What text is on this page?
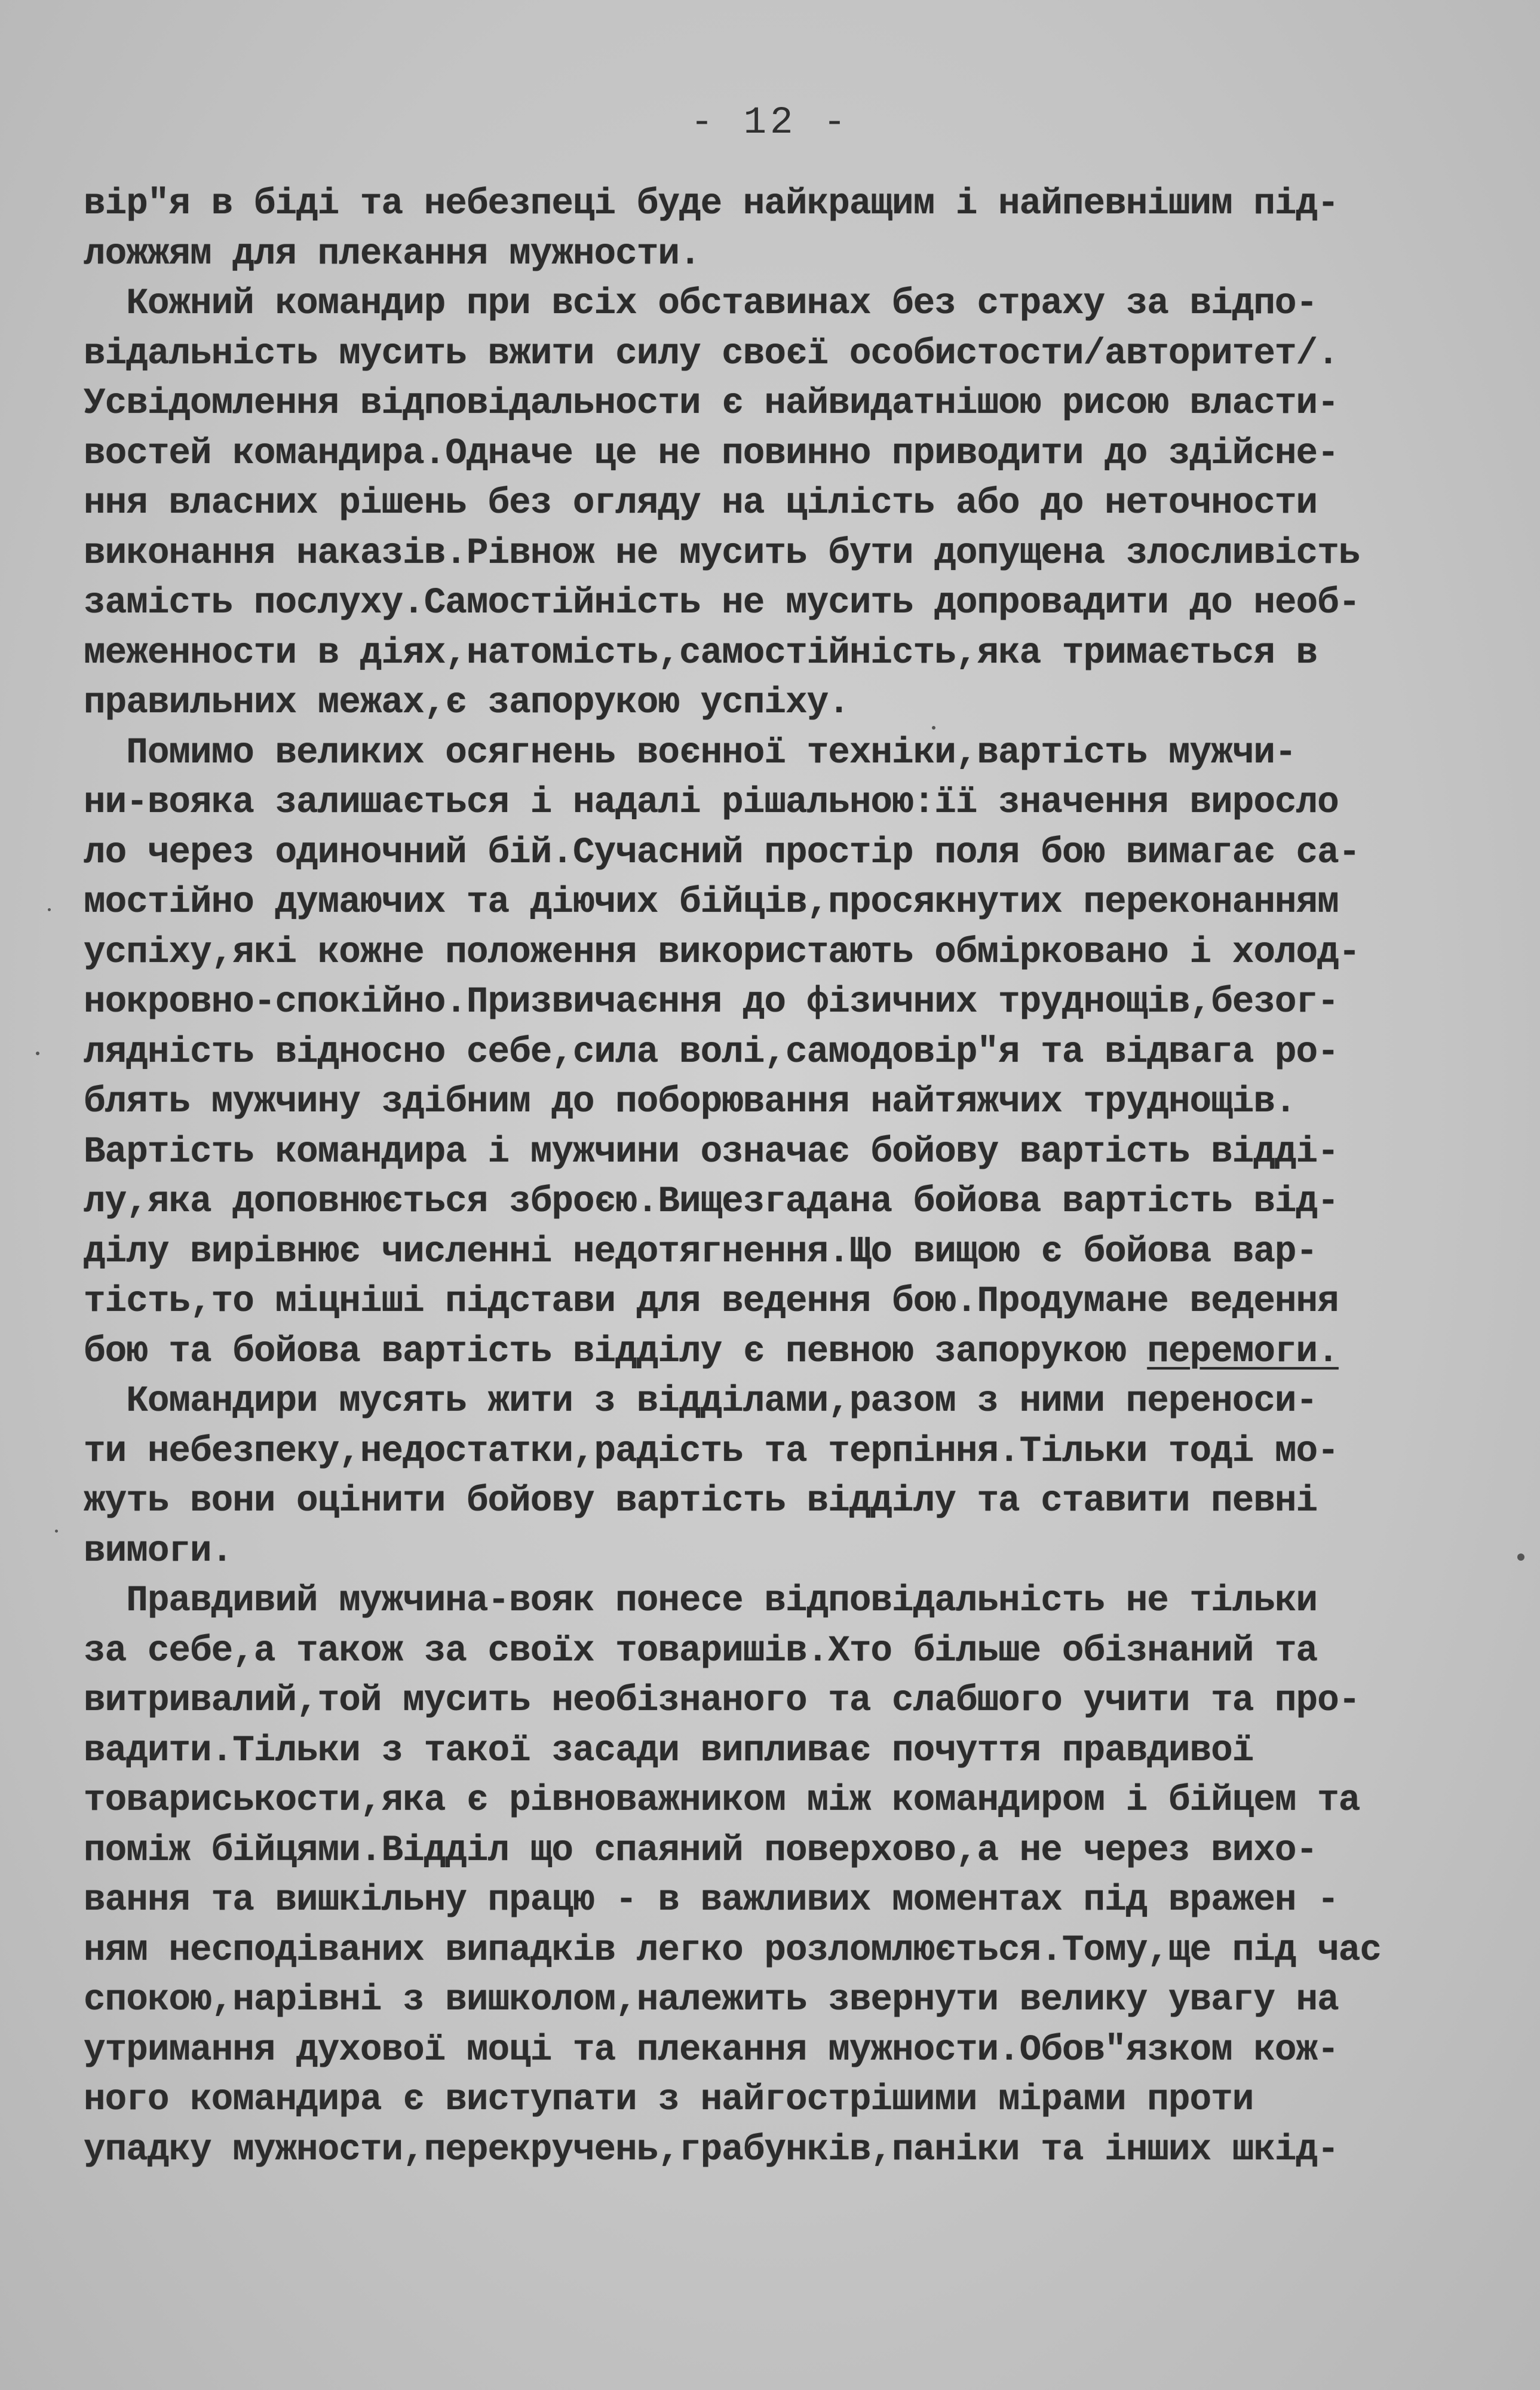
- 12 -
вір"я в біді та небезпеці буде найкращим і найпевнішим під-
ложжям для плекання мужности.
Кожний командир при всіх обставинах без страху за відпо-
відальність мусить вжити силу своєї особистости/авторитет/.
Усвідомлення відповідальности є найвидатнішою рисою власти-
востей командира.Одначе це не повинно приводити до здійсне-
ння власних рішень без огляду на цілість або до неточности
виконання наказів.Рівнож не мусить бути допущена злосливість
замість послуху.Самостійність не мусить допровадити до необ-
меженности в діях,натомість,самостійність,яка тримається в
правильних межах,є запорукою успіху.
Помимо великих осягнень воєнної техніки,вартість мужчи-
ни-вояка залишається і надалі рішальною:її значення виросло
ло через одиночний бій.Сучасний простір поля бою вимагає са-
мостійно думаючих та діючих бійців,просякнутих переконанням
успіху,які кожне положення використають обмірковано і холод-
нокровно-спокійно.Призвичаєння до фізичних труднощів,безог-
лядність відносно себе,сила волі,самодовір"я та відвага ро-
блять мужчину здібним до поборювання найтяжчих труднощів.
Вартість командира і мужчини означає бойову вартість відді-
лу,яка доповнюється зброєю.Вищезгадана бойова вартість від-
ділу вирівнює численні недотягнення.Що вищою є бойова вар-
тість,то міцніші підстави для ведення бою.Продумане ведення
бою та бойова вартість відділу є певною запорукою перемоги.
Командири мусять жити з відділами,разом з ними переноси-
ти небезпеку,недостатки,радість та терпіння.Тільки тоді мо-
жуть вони оцінити бойову вартість відділу та ставити певні
вимоги.
Правдивий мужчина-вояк понесе відповідальність не тільки
за себе,а також за своїх товаришів.Хто більше обізнаний та
витривалий,той мусить необізнаного та слабшого учити та про-
вадити.Тільки з такої засади випливає почуття правдивої
товариськости,яка є рівноважником між командиром і бійцем та
поміж бійцями.Відділ що спаяний поверхово,а не через вихо-
вання та вишкільну працю - в важливих моментах під вражен -
ням несподіваних випадків легко розломлюється.Тому,ще під час
спокою,нарівні з вишколом,належить звернути велику увагу на
утримання духової моці та плекання мужности.Обов"язком кож-
ного командира є виступати з найгострішими мірами проти
упадку мужности,перекручень,грабунків,паніки та інших шкід-
